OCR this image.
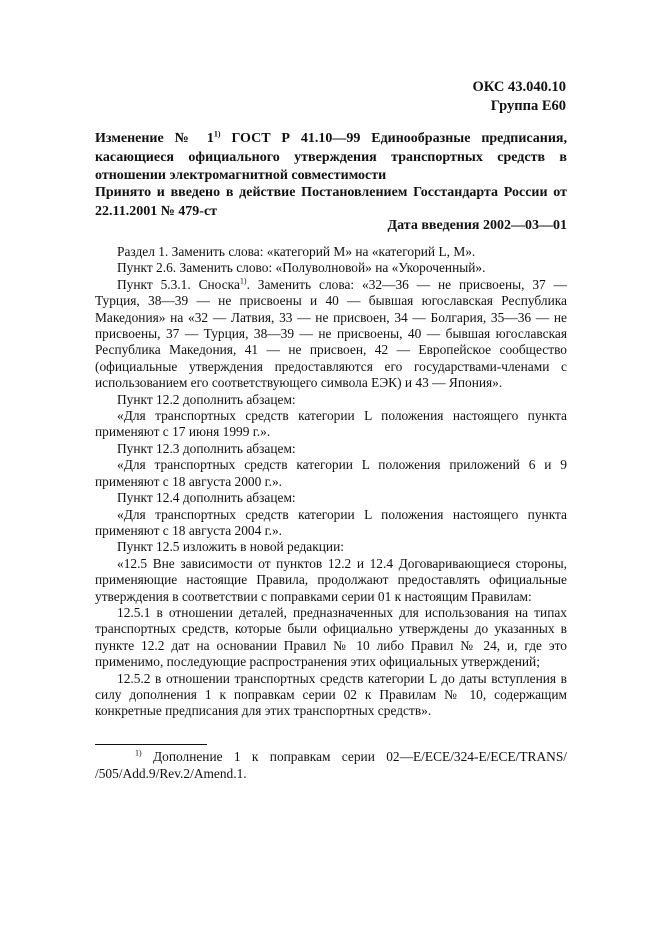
ОКС 43.040.10
Группа Е60
Изменение № 1$^{1)}$ ГОСТ Р 41.10—99 Единообразные предписания, касающиеся официального утверждения транспортных средств в отношении электромагнитной совместимости
Принято и введено в действие Постановлением Госстандарта России от 22.11.2001 № 479-ст
Дата введения 2002—03—01

Раздел 1. Заменить слова: «категорий М» на «категорий L, М».

Пункт 2.6. Заменить слово: «Полуволновой» на «Укороченный».

Пункт 5.3.1. Сноска$^{1)}$. Заменить слова: «32—36 — не присвоены, 37 — Турция, 38—39 — не присвоены и 40 — бывшая югославская Республика Македония» на «32 — Латвия, 33 — не присвоен, 34 — Болгария, 35—36 — не присвоены, 37 — Турция, 38—39 — не присвоены, 40 — бывшая югославская Республика Македония, 41 — не присвоен, 42 — Европейское сообщество (официальные утверждения предоставляются его государствами-членами с использованием его соответствующего символа ЕЭК) и 43 — Япония».

Пункт 12.2 дополнить абзацем:

«Для транспортных средств категории L положения настоящего пункта применяют с 17 июня 1999 г.».

Пункт 12.3 дополнить абзацем:

«Для транспортных средств категории L положения приложений 6 и 9 применяют с 18 августа 2000 г.».

Пункт 12.4 дополнить абзацем:

«Для транспортных средств категории L положения настоящего пункта применяют с 18 августа 2004 г.».

Пункт 12.5 изложить в новой редакции:

«12.5 Вне зависимости от пунктов 12.2 и 12.4 Договаривающиеся стороны, применяющие настоящие Правила, продолжают предоставлять официальные утверждения в соответствии с поправками серии 01 к настоящим Правилам:

12.5.1 в отношении деталей, предназначенных для использования на типах транспортных средств, которые были официально утверждены до указанных в пункте 12.2 дат на основании Правил № 10 либо Правил № 24, и, где это применимо, последующие распространения этих официальных утверждений;

12.5.2 в отношении транспортных средств категории L до даты вступления в силу дополнения 1 к поправкам серии 02 к Правилам № 10, содержащим конкретные предписания для этих транспортных средств».

$^{1)}$ Дополнение 1 к поправкам серии 02—E/ECE/324-E/ECE/TRANS/ /505/Add.9/Rev.2/Amend.1.
